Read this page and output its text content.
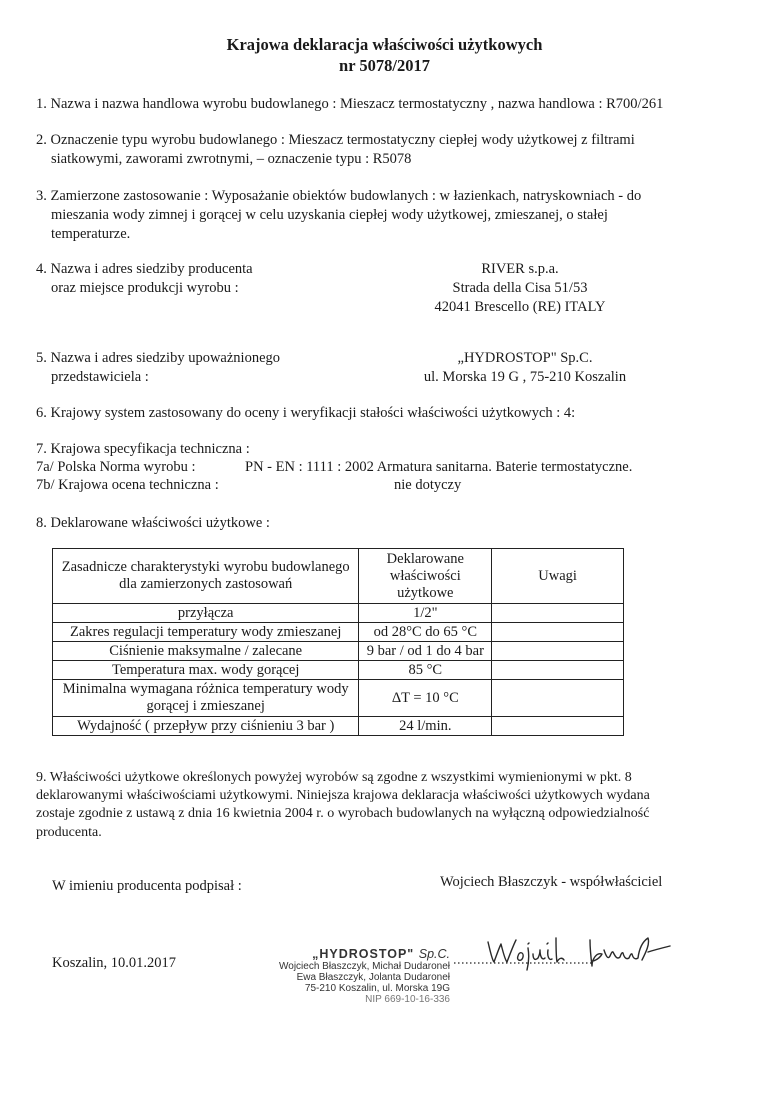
Krajowa deklaracja właściwości użytkowych
nr 5078/2017
1. Nazwa i nazwa handlowa wyrobu budowlanego : Mieszacz termostatyczny , nazwa handlowa : R700/261
2. Oznaczenie typu wyrobu budowlanego : Mieszacz termostatyczny ciepłej wody użytkowej z filtrami
siatkowymi, zaworami zwrotnymi, – oznaczenie typu : R5078
3. Zamierzone zastosowanie : Wyposażanie obiektów budowlanych : w łazienkach, natryskowniach - do
mieszania wody zimnej i gorącej w celu uzyskania ciepłej wody użytkowej, zmieszanej, o stałej
temperaturze.
4. Nazwa i adres siedziby producenta
oraz miejsce produkcji wyrobu :
RIVER s.p.a.
Strada della Cisa 51/53
42041 Brescello (RE) ITALY
5. Nazwa i adres siedziby upoważnionego
przedstawiciela :
„HYDROSTOP" Sp.C.
ul. Morska 19 G , 75-210 Koszalin
6. Krajowy system zastosowany do oceny i weryfikacji stałości właściwości użytkowych : 4:
7. Krajowa specyfikacja techniczna :
7a/ Polska Norma wyrobu :	PN - EN : 1111 : 2002 Armatura sanitarna. Baterie termostatyczne.
7b/ Krajowa ocena techniczna :	nie dotyczy
8. Deklarowane właściwości użytkowe :
Zasadnicze charakterystyki wyrobu budowlanego dla zamierzonych zastosowań	Deklarowane właściwości użytkowe	Uwagi
przyłącza	1/2"	
Zakres regulacji temperatury wody zmieszanej	od 28°C do 65 °C	
Ciśnienie maksymalne / zalecane	9 bar / od 1 do 4 bar	
Temperatura max. wody gorącej	85 °C	
Minimalna wymagana różnica temperatury wody gorącej i zmieszanej	ΔT = 10 °C	
Wydajność ( przepływ przy ciśnieniu 3 bar )	24 l/min.	
9. Właściwości użytkowe określonych powyżej wyrobów są zgodne z wszystkimi wymienionymi w pkt. 8
deklarowanymi właściwościami użytkowymi. Niniejsza krajowa deklaracja właściwości użytkowych wydana
zostaje zgodnie z ustawą z dnia 16 kwietnia 2004 r. o wyrobach budowlanych na wyłączną odpowiedzialność
producenta.
W imieniu producenta podpisał :	Wojciech Błaszczyk - współwłaściciel
Koszalin, 10.01.2017
„HYDROSTOP" Sp.C.
Wojciech Błaszczyk, Michał Dudaroneł
Ewa Błaszczyk, Jolanta Dudaroneł
75-210 Koszalin, ul. Morska 19G
NIP 669-10-16-336
